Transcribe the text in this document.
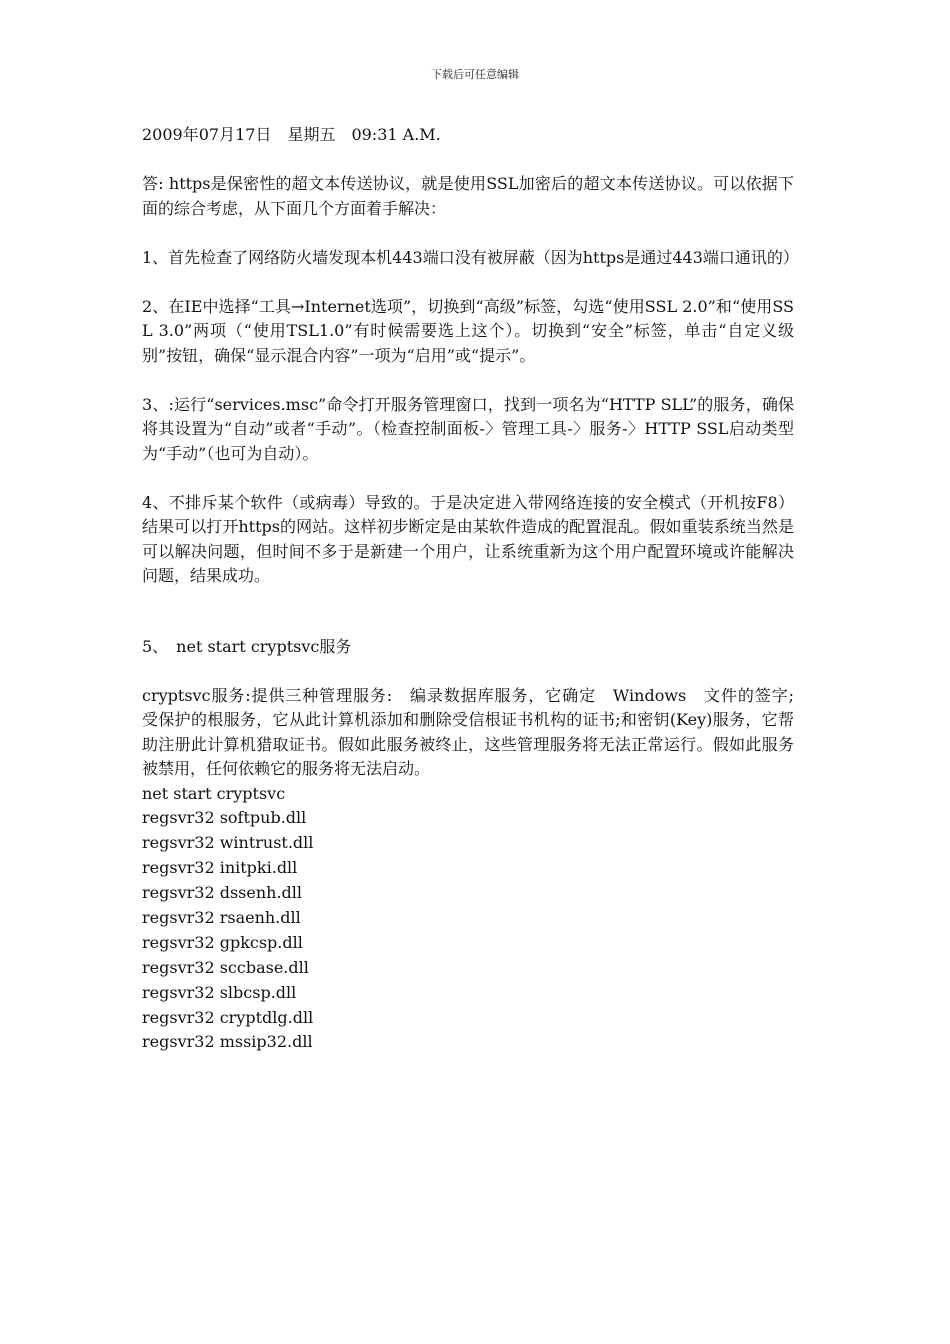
下载后可任意编辑

2009年07月17日　星期五　09:31 A.M.

答: https是保密性的超文本传送协议，就是使用SSL加密后的超文本传送协议。可以依据下面的综合考虑，从下面几个方面着手解决：

1、首先检查了网络防火墙发现本机443端口没有被屏蔽（因为https是通过443端口通讯的）

2、在IE中选择“工具→Internet选项”，切换到“高级”标签，勾选“使用SSL 2.0”和“使用SSL 3.0”两项（“使用TSL1.0”有时候需要选上这个）。切换到“安全”标签，单击“自定义级别”按钮，确保“显示混合内容”一项为“启用”或“提示”。

3、:运行“services.msc”命令打开服务管理窗口，找到一项名为“HTTP SLL”的服务，确保将其设置为“自动”或者“手动”。（检查控制面板-〉管理工具-〉服务-〉HTTP SSL启动类型为“手动”（也可为自动）。

4、不排斥某个软件（或病毒）导致的。于是决定进入带网络连接的安全模式（开机按F8）结果可以打开https的网站。这样初步断定是由某软件造成的配置混乱。假如重装系统当然是可以解决问题，但时间不多于是新建一个用户，让系统重新为这个用户配置环境或许能解决问题，结果成功。

5、　net start cryptsvc服务

cryptsvc服务:提供三种管理服务:　编录数据库服务，它确定　Windows　文件的签字;　受保护的根服务，它从此计算机添加和删除受信根证书机构的证书;和密钥(Key)服务，它帮助注册此计算机猎取证书。假如此服务被终止，这些管理服务将无法正常运行。假如此服务被禁用，任何依赖它的服务将无法启动。

net start cryptsvc
regsvr32 softpub.dll
regsvr32 wintrust.dll
regsvr32 initpki.dll
regsvr32 dssenh.dll
regsvr32 rsaenh.dll
regsvr32 gpkcsp.dll
regsvr32 sccbase.dll
regsvr32 slbcsp.dll
regsvr32 cryptdlg.dll
regsvr32 mssip32.dll
